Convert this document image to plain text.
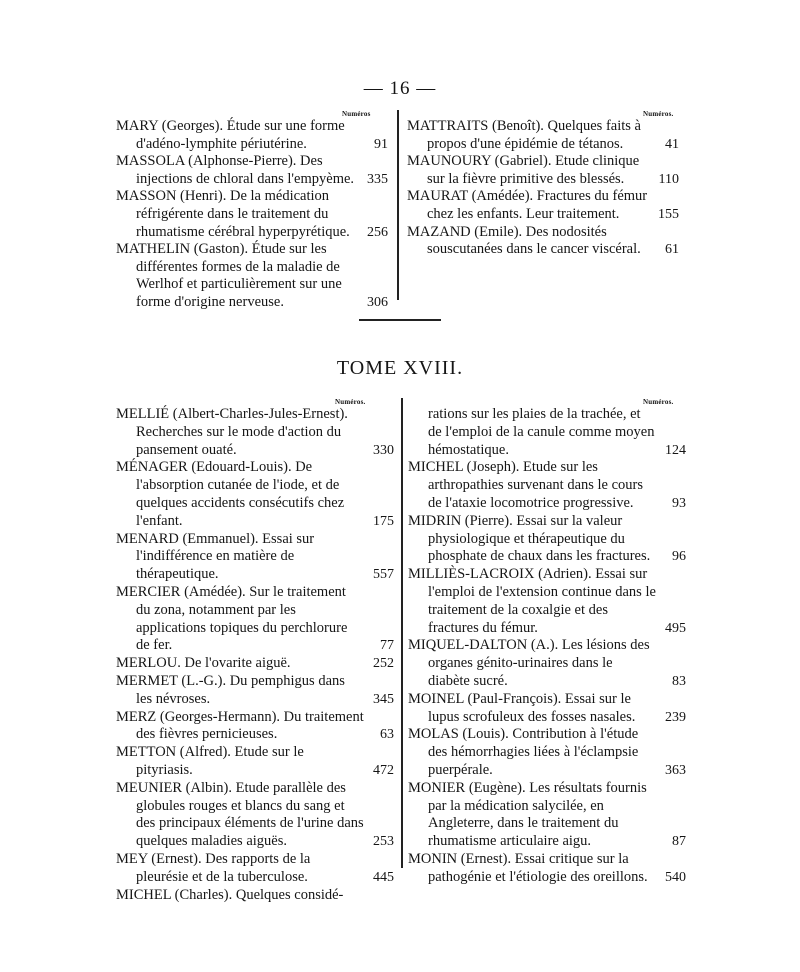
— 16 —
Numéros	Numéros.
MARY (Georges). Étude sur une forme d'adéno-lymphite périutérine.	91
MASSOLA (Alphonse-Pierre). Des injections de chloral dans l'empyème. 335
MASSON (Henri). De la médication réfrigérente dans le traitement du rhumatisme cérébral hyperpyrétique.	256
MATHELIN (Gaston). Étude sur les différentes formes de la maladie de Werlhof et particulièrement sur une forme d'origine nerveuse.	306
MATTRAITS (Benoît). Quelques faits à propos d'une épidémie de tétanos.	41
MAUNOURY (Gabriel). Etude clinique sur la fièvre primitive des blessés.	110
MAURAT (Amédée). Fractures du fémur chez les enfants. Leur traitement.	155
MAZAND (Emile). Des nodosités souscutanées dans le cancer viscéral.	61
TOME XVIII.
Numéros.	Numéros.
MELLIÉ (Albert-Charles-Jules-Ernest). Recherches sur le mode d'action du pansement ouaté.	330
MÉNAGER (Edouard-Louis). De l'absorption cutanée de l'iode, et de quelques accidents consécutifs chez l'enfant.	175
MENARD (Emmanuel). Essai sur l'indifférence en matière de thérapeutique.	557
MERCIER (Amédée). Sur le traitement du zona, notamment par les applications topiques du perchlorure de fer.	77
MERLOU. De l'ovarite aiguë.	252
MERMET (L.-G.). Du pemphigus dans les névroses.	345
MERZ (Georges-Hermann). Du traitement des fièvres pernicieuses.	63
METTON (Alfred). Etude sur le pityriasis.	472
MEUNIER (Albin). Etude parallèle des globules rouges et blancs du sang et des principaux éléments de l'urine dans quelques maladies aiguës.	253
MEY (Ernest). Des rapports de la pleurésie et de la tuberculose.	445
MICHEL (Charles). Quelques considé-
rations sur les plaies de la trachée, et de l'emploi de la canule comme moyen hémostatique.	124
MICHEL (Joseph). Etude sur les arthropathies survenant dans le cours de l'ataxie locomotrice progressive.	93
MIDRIN (Pierre). Essai sur la valeur physiologique et thérapeutique du phosphate de chaux dans les fractures.	96
MILLIÈS-LACROIX (Adrien). Essai sur l'emploi de l'extension continue dans le traitement de la coxalgie et des fractures du fémur.	495
MIQUEL-DALTON (A.). Les lésions des organes génito-urinaires dans le diabète sucré.	83
MOINEL (Paul-François). Essai sur le lupus scrofuleux des fosses nasales.	239
MOLAS (Louis). Contribution à l'étude des hémorrhagies liées à l'éclampsie puerpérale.	363
MONIER (Eugène). Les résultats fournis par la médication salycilée, en Angleterre, dans le traitement du rhumatisme articulaire aigu.	87
MONIN (Ernest). Essai critique sur la pathogénie et l'étiologie des oreillons.	540
